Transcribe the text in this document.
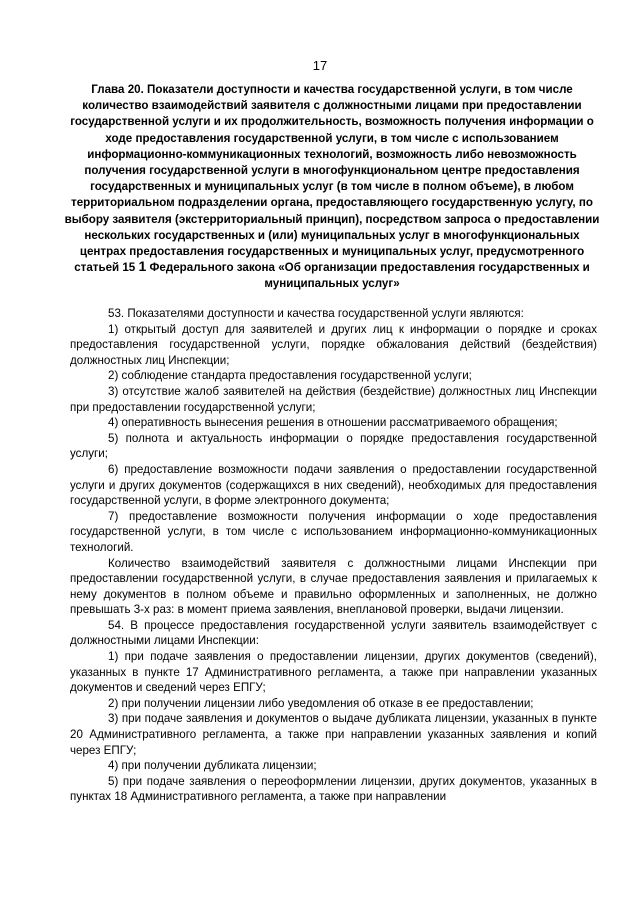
17
Глава 20. Показатели доступности и качества государственной услуги, в том числе количество взаимодействий заявителя с должностными лицами при предоставлении государственной услуги и их продолжительность, возможность получения информации о ходе предоставления государственной услуги, в том числе с использованием информационно-коммуникационных технологий, возможность либо невозможность получения государственной услуги в многофункциональном центре предоставления государственных и муниципальных услуг (в том числе в полном объеме), в любом территориальном подразделении органа, предоставляющего государственную услугу, по выбору заявителя (экстерриториальный принцип), посредством запроса о предоставлении нескольких государственных и (или) муниципальных услуг в многофункциональных центрах предоставления государственных и муниципальных услуг, предусмотренного статьей 15 1 Федерального закона «Об организации предоставления государственных и муниципальных услуг»

53. Показателями доступности и качества государственной услуги являются:

1) открытый доступ для заявителей и других лиц к информации о порядке и сроках предоставления государственной услуги, порядке обжалования действий (бездействия) должностных лиц Инспекции;

2) соблюдение стандарта предоставления государственной услуги;

3) отсутствие жалоб заявителей на действия (бездействие) должностных лиц Инспекции при предоставлении государственной услуги;

4) оперативность вынесения решения в отношении рассматриваемого обращения;

5) полнота и актуальность информации о порядке предоставления государственной услуги;

6) предоставление возможности подачи заявления о предоставлении государственной услуги и других документов (содержащихся в них сведений), необходимых для предоставления государственной услуги, в форме электронного документа;

7) предоставление возможности получения информации о ходе предоставления государственной услуги, в том числе с использованием информационно-коммуникационных технологий.

Количество взаимодействий заявителя с должностными лицами Инспекции при предоставлении государственной услуги, в случае предоставления заявления и прилагаемых к нему документов в полном объеме и правильно оформленных и заполненных, не должно превышать 3-х раз: в момент приема заявления, внеплановой проверки, выдачи лицензии.

54. В процессе предоставления государственной услуги заявитель взаимодействует с должностными лицами Инспекции:

1) при подаче заявления о предоставлении лицензии, других документов (сведений), указанных в пункте 17 Административного регламента, а также при направлении указанных документов и сведений через ЕПГУ;

2) при получении лицензии либо уведомления об отказе в ее предоставлении;

3) при подаче заявления и документов о выдаче дубликата лицензии, указанных в пункте 20 Административного регламента, а также при направлении указанных заявления и копий через ЕПГУ;

4) при получении дубликата лицензии;

5) при подаче заявления о переоформлении лицензии, других документов, указанных в пунктах 18 Административного регламента, а также при направлении
